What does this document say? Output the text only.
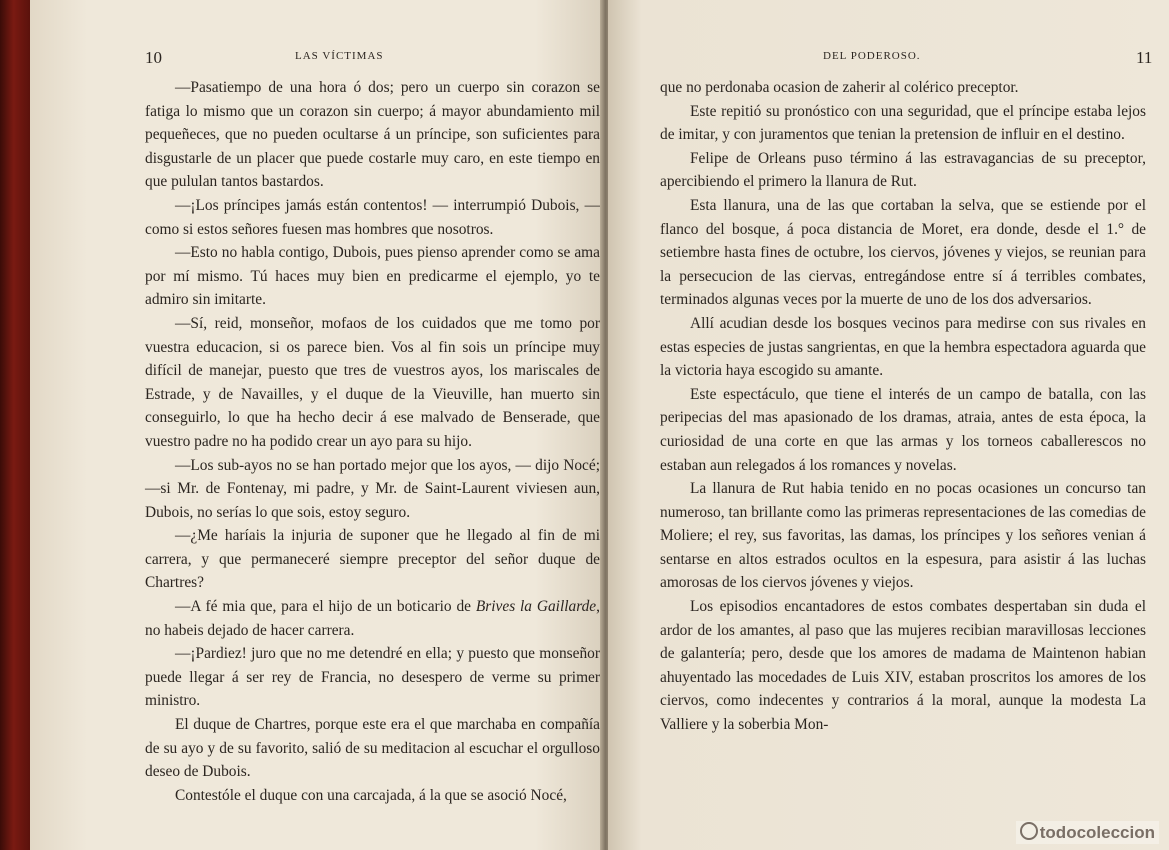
10	LAS VÍCTIMAS

—Pasatiempo de una hora ó dos; pero un cuerpo sin corazon se fatiga lo mismo que un corazon sin cuerpo; á mayor abundamiento mil pequeñeces, que no pueden ocultarse á un príncipe, son suficientes para disgustarle de un placer que puede costarle muy caro, en este tiempo en que pululan tantos bastardos.

—¡Los príncipes jamás están contentos! — interrumpió Dubois, —como si estos señores fuesen mas hombres que nosotros.

—Esto no habla contigo, Dubois, pues pienso aprender como se ama por mí mismo. Tú haces muy bien en predicarme el ejemplo, yo te admiro sin imitarte.

—Sí, reid, monseñor, mofaos de los cuidados que me tomo por vuestra educacion, si os parece bien. Vos al fin sois un príncipe muy difícil de manejar, puesto que tres de vuestros ayos, los mariscales de Estrade, y de Navailles, y el duque de la Vieuville, han muerto sin conseguirlo, lo que ha hecho decir á ese malvado de Benserade, que vuestro padre no ha podido crear un ayo para su hijo.

—Los sub-ayos no se han portado mejor que los ayos, — dijo Nocé; —si Mr. de Fontenay, mi padre, y Mr. de Saint-Laurent viviesen aun, Dubois, no serías lo que sois, estoy seguro.

—¿Me haríais la injuria de suponer que he llegado al fin de mi carrera, y que permaneceré siempre preceptor del señor duque de Chartres?

—A fé mia que, para el hijo de un boticario de Brives la Gaillarde, no habeis dejado de hacer carrera.

—¡Pardiez! juro que no me detendré en ella; y puesto que monseñor puede llegar á ser rey de Francia, no desespero de verme su primer ministro.

El duque de Chartres, porque este era el que marchaba en compañía de su ayo y de su favorito, salió de su meditacion al escuchar el orgulloso deseo de Dubois.

Contestóle el duque con una carcajada, á la que se asoció Nocé,

DEL PODEROSO.	11

que no perdonaba ocasion de zaherir al colérico preceptor.

Este repitió su pronóstico con una seguridad, que el príncipe estaba lejos de imitar, y con juramentos que tenian la pretension de influir en el destino.

Felipe de Orleans puso término á las estravagancias de su preceptor, apercibiendo el primero la llanura de Rut.

Esta llanura, una de las que cortaban la selva, que se estiende por el flanco del bosque, á poca distancia de Moret, era donde, desde el 1.° de setiembre hasta fines de octubre, los ciervos, jóvenes y viejos, se reunian para la persecucion de las ciervas, entregándose entre sí á terribles combates, terminados algunas veces por la muerte de uno de los dos adversarios.

Allí acudian desde los bosques vecinos para medirse con sus rivales en estas especies de justas sangrientas, en que la hembra espectadora aguarda que la victoria haya escogido su amante.

Este espectáculo, que tiene el interés de un campo de batalla, con las peripecias del mas apasionado de los dramas, atraia, antes de esta época, la curiosidad de una corte en que las armas y los torneos caballerescos no estaban aun relegados á los romances y novelas.

La llanura de Rut habia tenido en no pocas ocasiones un concurso tan numeroso, tan brillante como las primeras representaciones de las comedias de Moliere; el rey, sus favoritas, las damas, los príncipes y los señores venian á sentarse en altos estrados ocultos en la espesura, para asistir á las luchas amorosas de los ciervos jóvenes y viejos.

Los episodios encantadores de estos combates despertaban sin duda el ardor de los amantes, al paso que las mujeres recibian maravillosas lecciones de galantería; pero, desde que los amores de madama de Maintenon habian ahuyentado las mocedades de Luis XIV, estaban proscritos los amores de los ciervos, como indecentes y contrarios á la moral, aunque la modesta La Valliere y la soberbia Mon-

todocoleccion
